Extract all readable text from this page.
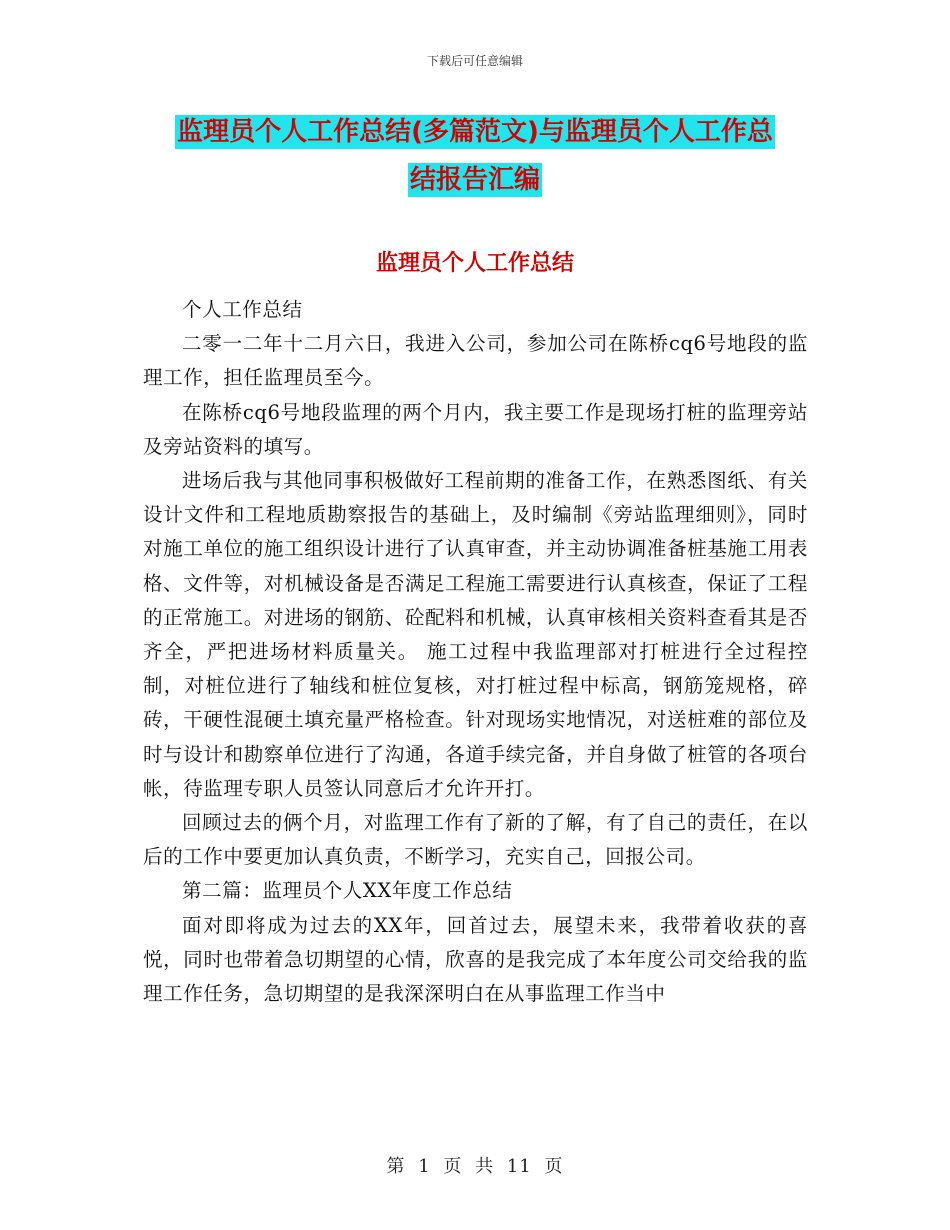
下载后可任意编辑
监理员个人工作总结(多篇范文)与监理员个人工作总
结报告汇编
监理员个人工作总结

个人工作总结

二零一二年十二月六日，我进入公司，参加公司在陈桥cq6号地段的监理工作，担任监理员至今。

在陈桥cq6号地段监理的两个月内，我主要工作是现场打桩的监理旁站及旁站资料的填写。

进场后我与其他同事积极做好工程前期的准备工作，在熟悉图纸、有关设计文件和工程地质勘察报告的基础上，及时编制《旁站监理细则》，同时对施工单位的施工组织设计进行了认真审查，并主动协调准备桩基施工用表格、文件等，对机械设备是否满足工程施工需要进行认真核查，保证了工程的正常施工。对进场的钢筋、砼配料和机械，认真审核相关资料查看其是否齐全，严把进场材料质量关。 施工过程中我监理部对打桩进行全过程控制，对桩位进行了轴线和桩位复核，对打桩过程中标高，钢筋笼规格，碎砖，干硬性混硬土填充量严格检查。针对现场实地情况，对送桩难的部位及时与设计和勘察单位进行了沟通，各道手续完备，并自身做了桩管的各项台帐，待监理专职人员签认同意后才允许开打。

回顾过去的俩个月，对监理工作有了新的了解，有了自己的责任，在以后的工作中要更加认真负责，不断学习，充实自己，回报公司。

第二篇：监理员个人XX年度工作总结

面对即将成为过去的XX年，回首过去，展望未来，我带着收获的喜悦，同时也带着急切期望的心情，欣喜的是我完成了本年度公司交给我的监理工作任务，急切期望的是我深深明白在从事监理工作当中

第 1 页 共 11 页
